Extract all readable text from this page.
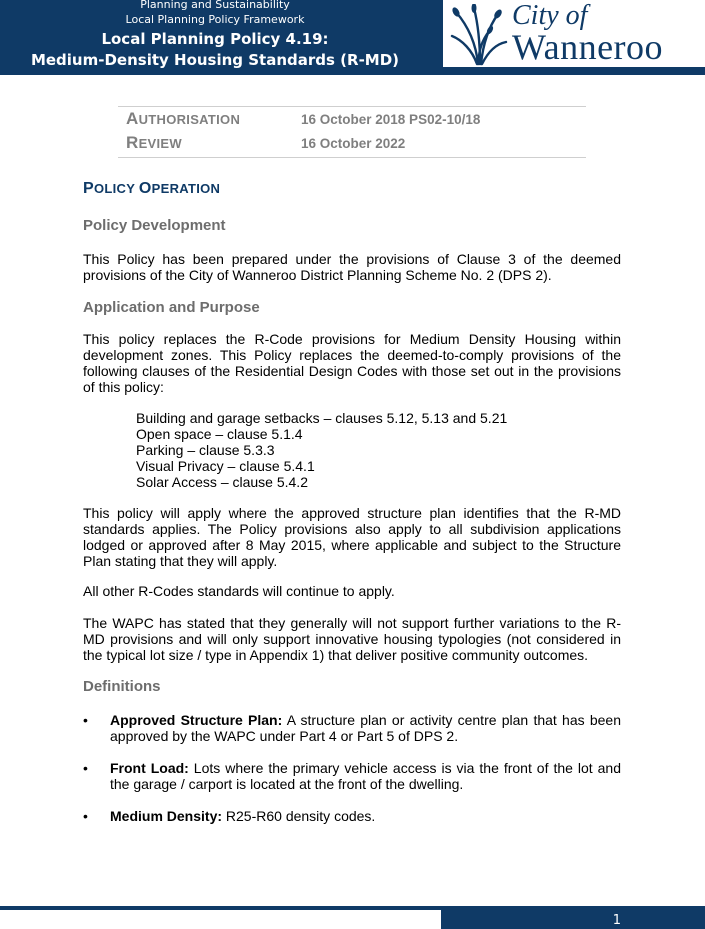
Planning and Sustainability
Local Planning Policy Framework
Local Planning Policy 4.19:
Medium-Density Housing Standards (R-MD)
City of
Wanneroo
AUTHORISATION	16 October 2018 PS02-10/18
REVIEW	16 October 2022
POLICY OPERATION
Policy Development
This Policy has been prepared under the provisions of Clause 3 of the deemed provisions of the City of Wanneroo District Planning Scheme No. 2 (DPS 2).
Application and Purpose
This policy replaces the R-Code provisions for Medium Density Housing within development zones. This Policy replaces the deemed-to-comply provisions of the following clauses of the Residential Design Codes with those set out in the provisions of this policy:
Building and garage setbacks – clauses 5.12, 5.13 and 5.21
Open space – clause 5.1.4
Parking – clause 5.3.3
Visual Privacy – clause 5.4.1
Solar Access – clause 5.4.2
This policy will apply where the approved structure plan identifies that the R-MD standards applies. The Policy provisions also apply to all subdivision applications lodged or approved after 8 May 2015, where applicable and subject to the Structure Plan stating that they will apply.
All other R-Codes standards will continue to apply.
The WAPC has stated that they generally will not support further variations to the R-MD provisions and will only support innovative housing typologies (not considered in the typical lot size / type in Appendix 1) that deliver positive community outcomes.
Definitions
• Approved Structure Plan: A structure plan or activity centre plan that has been approved by the WAPC under Part 4 or Part 5 of DPS 2.
• Front Load: Lots where the primary vehicle access is via the front of the lot and the garage / carport is located at the front of the dwelling.
• Medium Density: R25-R60 density codes.
1
